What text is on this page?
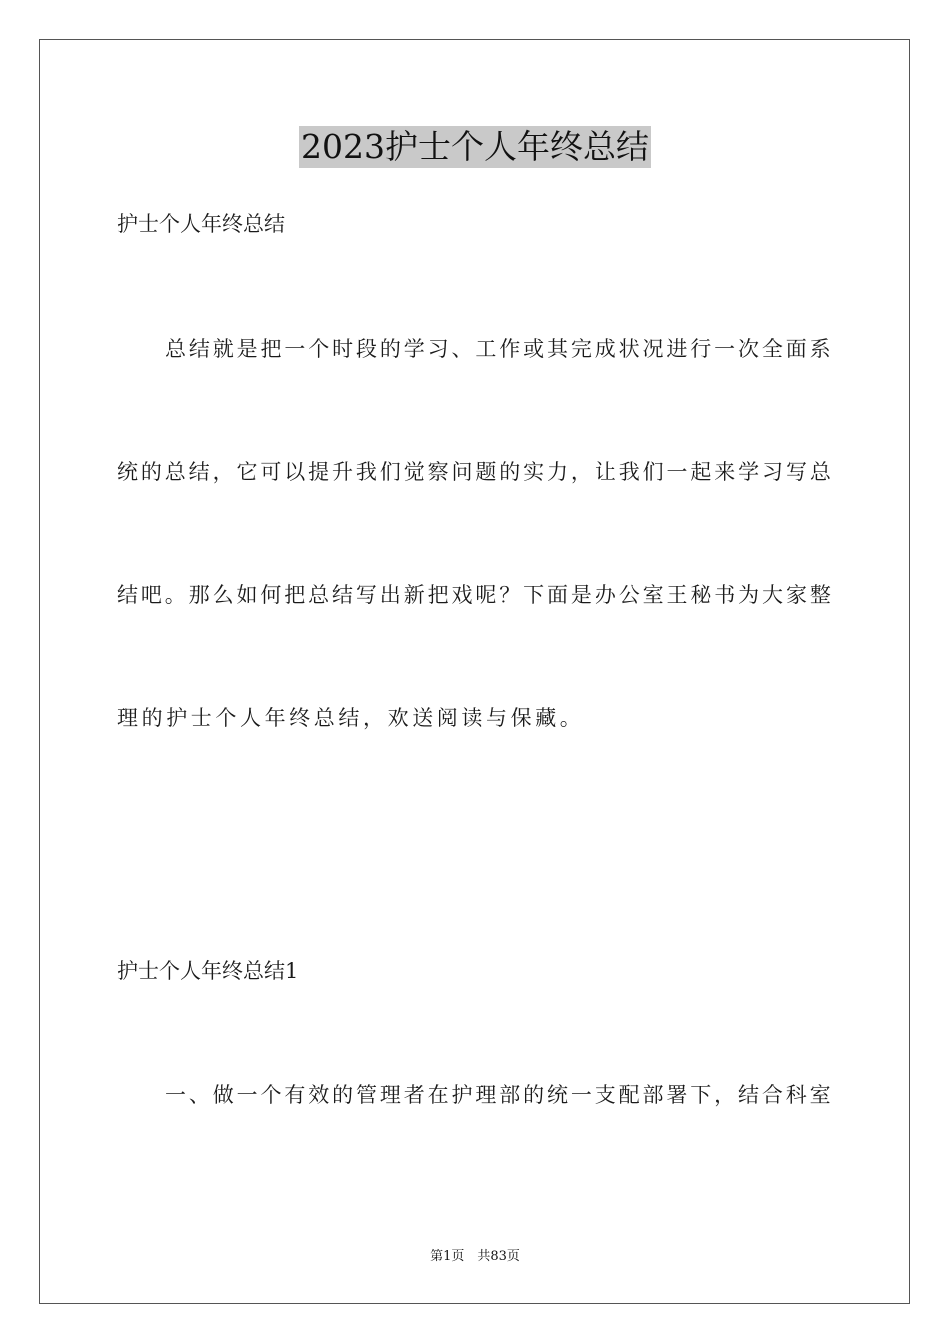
2023护士个人年终总结
护士个人年终总结
总 结 就 是 把 一 个 时 段 的 学 习 、 工 作 或 其 完 成 状 况 进 行 一 次 全 面 系
统 的 总 结 ， 它 可 以 提 升 我 们 觉 察 问 题 的 实 力 ， 让 我 们 一 起 来 学 习 写 总
结 吧 。 那 么 如 何 把 总 结 写 出 新 把 戏 呢 ？ 下 面 是 办 公 室 王 秘 书 为 大 家 整
理的护士个人年终总结，欢送阅读与保藏。
护士个人年终总结1
一 、 做 一 个 有 效 的 管 理 者 在 护 理 部 的 统 一 支 配 部 署 下 ， 结 合 科 室
第1页　共83页
